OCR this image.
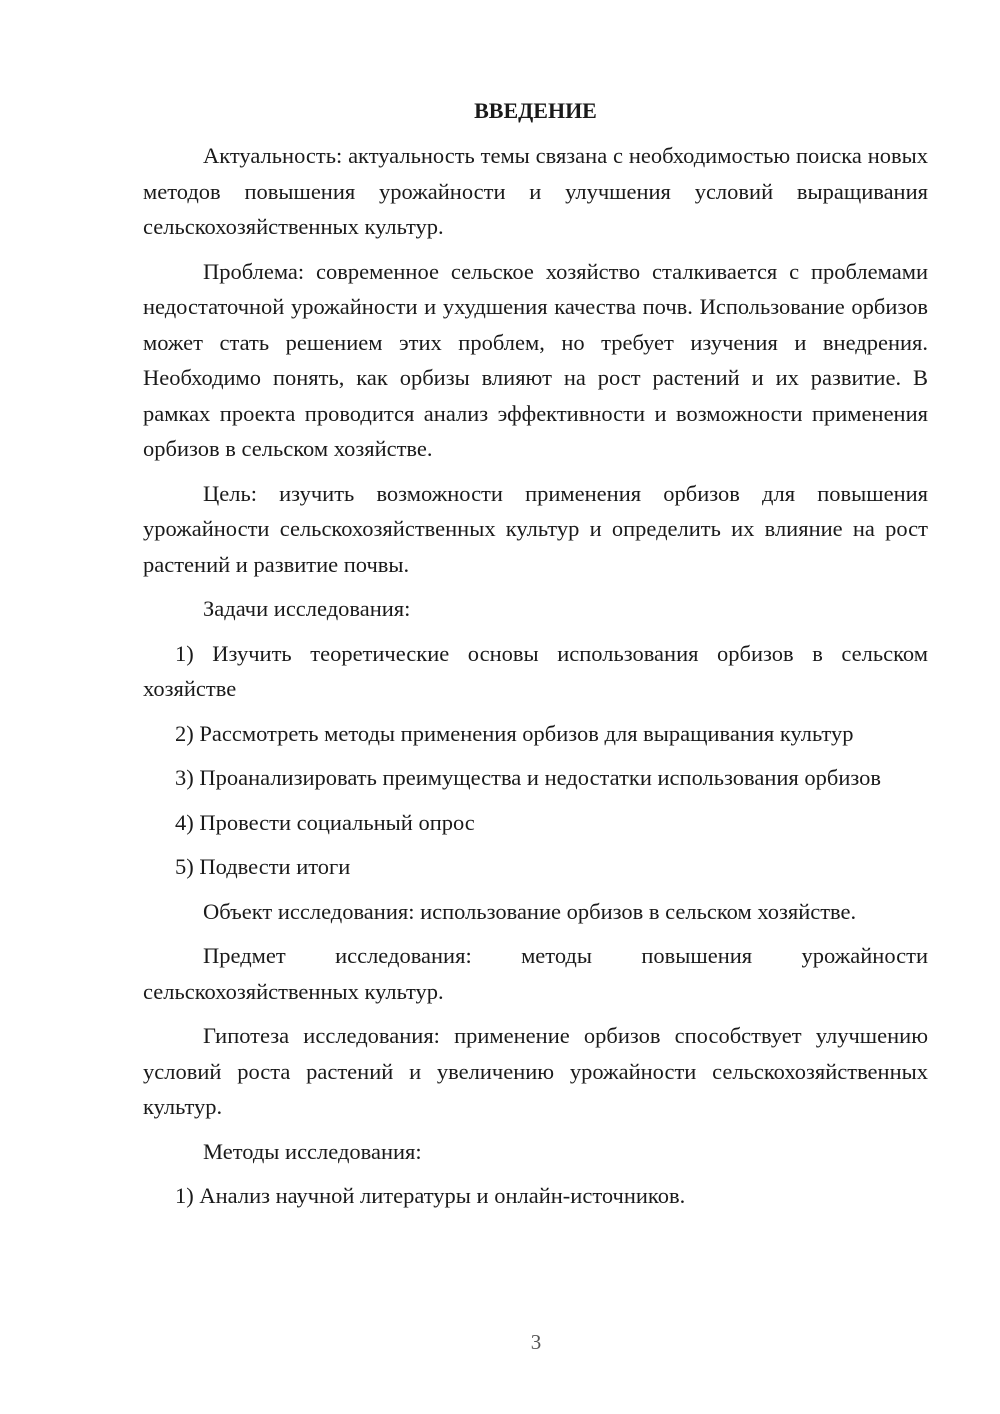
ВВЕДЕНИЕ

Актуальность: актуальность темы связана с необходимостью поиска новых методов повышения урожайности и улучшения условий выращивания сельскохозяйственных культур.

Проблема: современное сельское хозяйство сталкивается с проблемами недостаточной урожайности и ухудшения качества почв. Использование орбизов может стать решением этих проблем, но требует изучения и внедрения. Необходимо понять, как орбизы влияют на рост растений и их развитие. В рамках проекта проводится анализ эффективности и возможности применения орбизов в сельском хозяйстве.

Цель: изучить возможности применения орбизов для повышения урожайности сельскохозяйственных культур и определить их влияние на рост растений и развитие почвы.

Задачи исследования:

1) Изучить теоретические основы использования орбизов в сельском хозяйстве

2) Рассмотреть методы применения орбизов для выращивания культур

3) Проанализировать преимущества и недостатки использования орбизов

4) Провести социальный опрос

5) Подвести итоги

Объект исследования: использование орбизов в сельском хозяйстве.

Предмет исследования: методы повышения урожайности сельскохозяйственных культур.

Гипотеза исследования: применение орбизов способствует улучшению условий роста растений и увеличению урожайности сельскохозяйственных культур.

Методы исследования:

1) Анализ научной литературы и онлайн-источников.

3
